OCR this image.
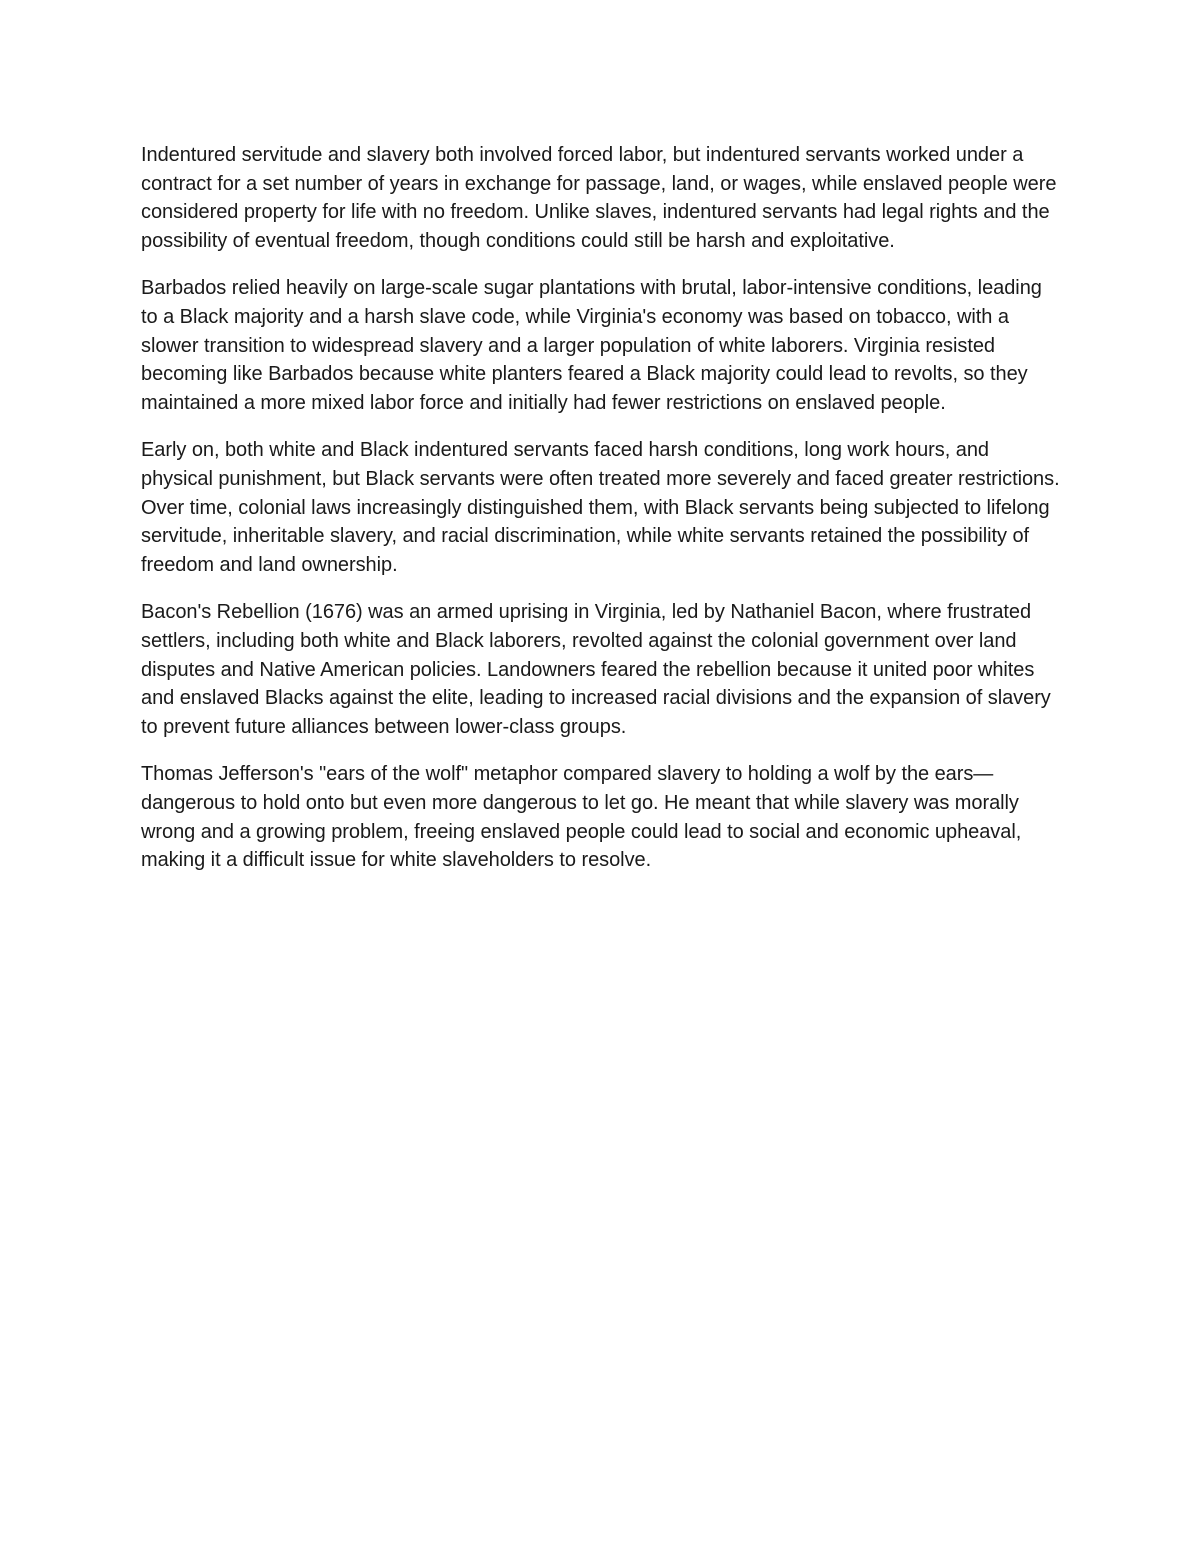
Indentured servitude and slavery both involved forced labor, but indentured servants worked under a contract for a set number of years in exchange for passage, land, or wages, while enslaved people were considered property for life with no freedom. Unlike slaves, indentured servants had legal rights and the possibility of eventual freedom, though conditions could still be harsh and exploitative.

Barbados relied heavily on large-scale sugar plantations with brutal, labor-intensive conditions, leading to a Black majority and a harsh slave code, while Virginia's economy was based on tobacco, with a slower transition to widespread slavery and a larger population of white laborers. Virginia resisted becoming like Barbados because white planters feared a Black majority could lead to revolts, so they maintained a more mixed labor force and initially had fewer restrictions on enslaved people.

Early on, both white and Black indentured servants faced harsh conditions, long work hours, and physical punishment, but Black servants were often treated more severely and faced greater restrictions. Over time, colonial laws increasingly distinguished them, with Black servants being subjected to lifelong servitude, inheritable slavery, and racial discrimination, while white servants retained the possibility of freedom and land ownership.

Bacon's Rebellion (1676) was an armed uprising in Virginia, led by Nathaniel Bacon, where frustrated settlers, including both white and Black laborers, revolted against the colonial government over land disputes and Native American policies. Landowners feared the rebellion because it united poor whites and enslaved Blacks against the elite, leading to increased racial divisions and the expansion of slavery to prevent future alliances between lower-class groups.

Thomas Jefferson's "ears of the wolf" metaphor compared slavery to holding a wolf by the ears—dangerous to hold onto but even more dangerous to let go. He meant that while slavery was morally wrong and a growing problem, freeing enslaved people could lead to social and economic upheaval, making it a difficult issue for white slaveholders to resolve.
